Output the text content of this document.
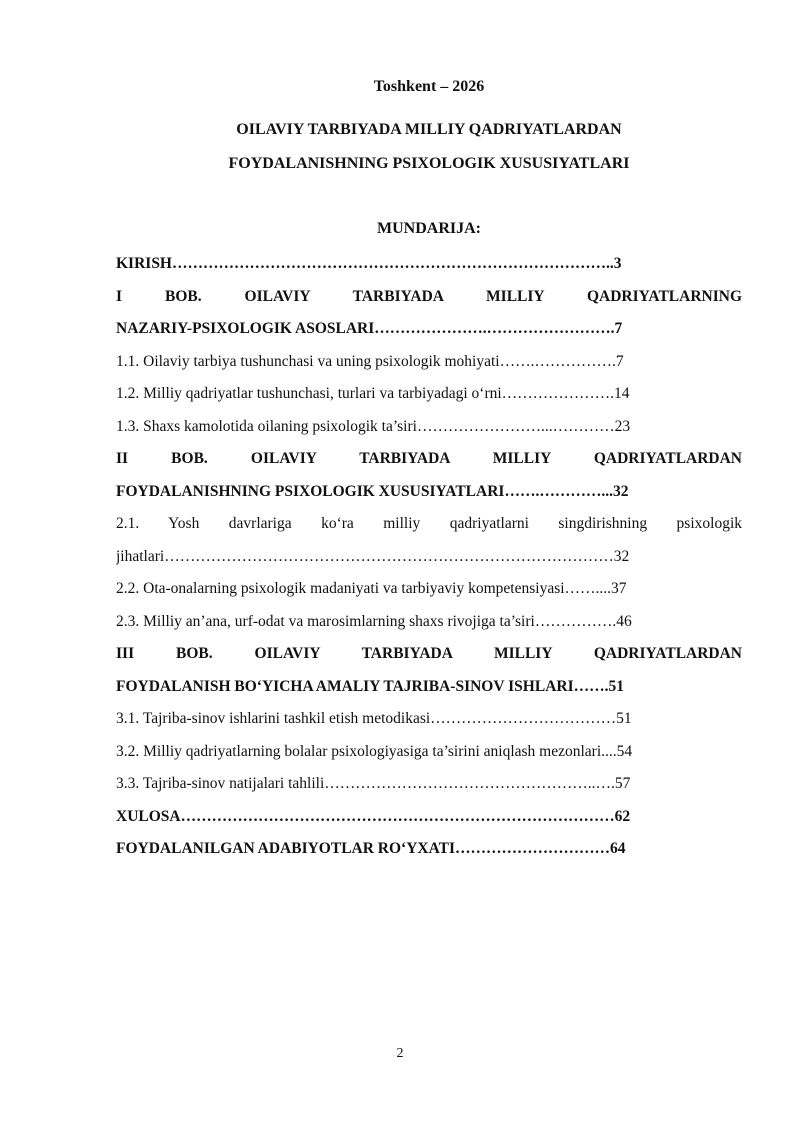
Toshkent – 2026
OILAVIY TARBIYADA MILLIY QADRIYATLARDAN
FOYDALANISHNING PSIXOLOGIK XUSUSIYATLARI
MUNDARIJA:
KIRISH…………………………………………………………………………..3
I BOB. OILAVIY TARBIYADA MILLIY QADRIYATLARNING
NAZARIY-PSIXOLOGIK ASOSLARI………………….…………………….7
1.1. Oilaviy tarbiya tushunchasi va uning psixologik mohiyati…….…………….7
1.2. Milliy qadriyatlar tushunchasi, turlari va tarbiyadagi o‘rni………………….14
1.3. Shaxs kamolotida oilaning psixologik ta’siri……………………...…………23
II BOB. OILAVIY TARBIYADA MILLIY QADRIYATLARDAN
FOYDALANISHNING PSIXOLOGIK XUSUSIYATLARI…….…………...32
2.1. Yosh davrlariga ko‘ra milliy qadriyatlarni singdirishning psixologik
jihatlari……………………………………………………………………………32
2.2. Ota-onalarning psixologik madaniyati va tarbiyaviy kompetensiyasi……....37
2.3. Milliy an’ana, urf-odat va marosimlarning shaxs rivojiga ta’siri…………….46
III BOB. OILAVIY TARBIYADA MILLIY QADRIYATLARDAN
FOYDALANISH BO‘YICHA AMALIY TAJRIBA-SINOV ISHLARI…….51
3.1. Tajriba-sinov ishlarini tashkil etish metodikasi………………………………51
3.2. Milliy qadriyatlarning bolalar psixologiyasiga ta’sirini aniqlash mezonlari....54
3.3. Tajriba-sinov natijalari tahlili……………………………………………..….57
XULOSA…………………………………………………………………………62
FOYDALANILGAN ADABIYOTLAR RO‘YXATI…………………………64
2
